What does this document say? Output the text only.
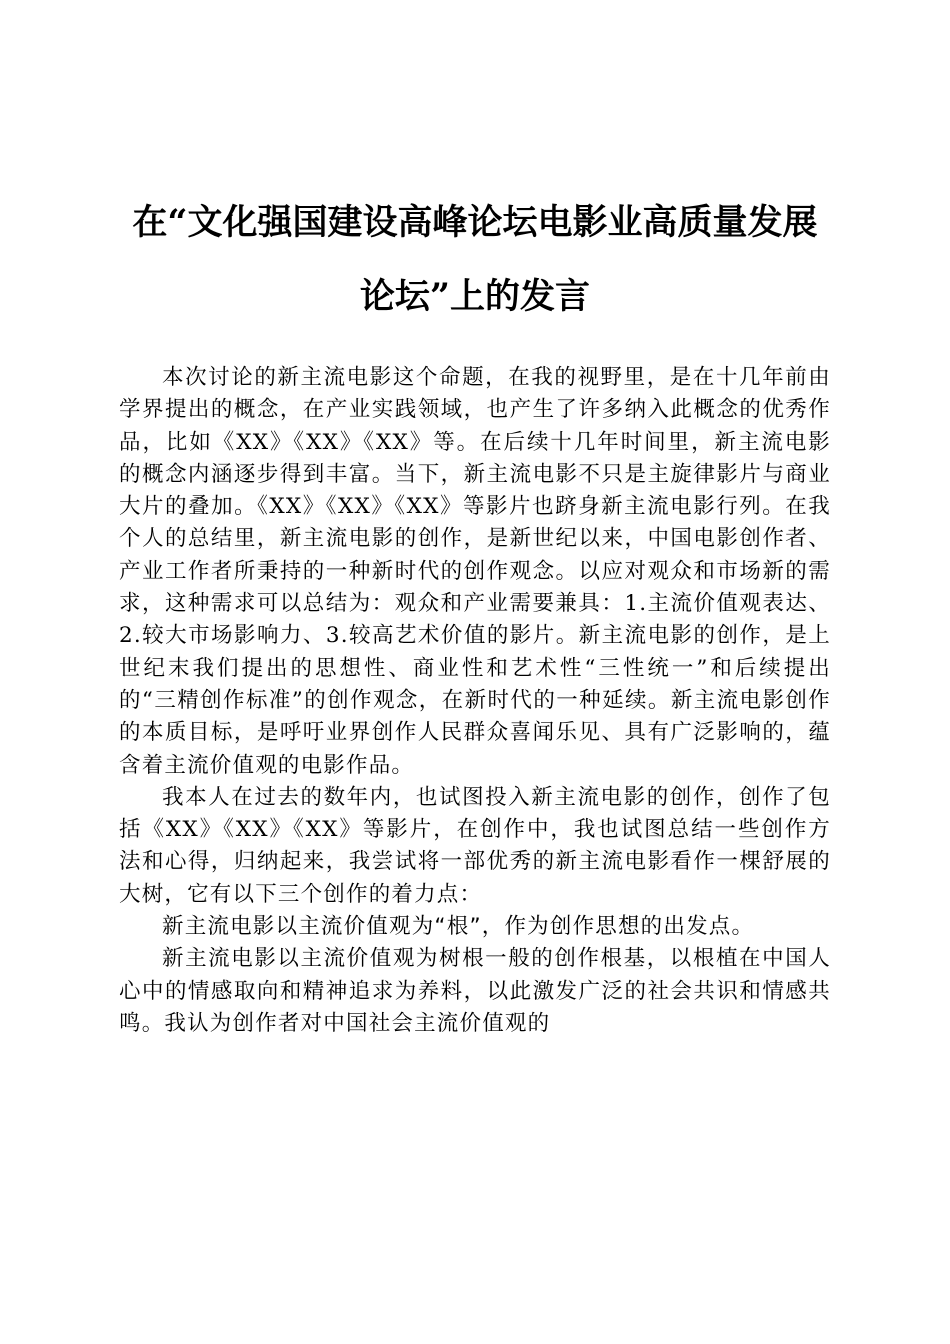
在“文化强国建设高峰论坛电影业高质量发展
论坛”上的发言

本次讨论的新主流电影这个命题，在我的视野里，是在十几年前由学界提出的概念，在产业实践领域，也产生了许多纳入此概念的优秀作品，比如《XX》《XX》《XX》等。在后续十几年时间里，新主流电影的概念内涵逐步得到丰富。当下，新主流电影不只是主旋律影片与商业大片的叠加。《XX》《XX》《XX》等影片也跻身新主流电影行列。在我个人的总结里，新主流电影的创作，是新世纪以来，中国电影创作者、产业工作者所秉持的一种新时代的创作观念。以应对观众和市场新的需求，这种需求可以总结为：观众和产业需要兼具：1.主流价值观表达、2.较大市场影响力、3.较高艺术价值的影片。新主流电影的创作，是上世纪末我们提出的思想性、商业性和艺术性“三性统一”和后续提出的“三精创作标准”的创作观念，在新时代的一种延续。新主流电影创作的本质目标，是呼吁业界创作人民群众喜闻乐见、具有广泛影响的，蕴含着主流价值观的电影作品。

我本人在过去的数年内，也试图投入新主流电影的创作，创作了包括《XX》《XX》《XX》等影片，在创作中，我也试图总结一些创作方法和心得，归纳起来，我尝试将一部优秀的新主流电影看作一棵舒展的大树，它有以下三个创作的着力点：

新主流电影以主流价值观为“根”，作为创作思想的出发点。

新主流电影以主流价值观为树根一般的创作根基，以根植在中国人心中的情感取向和精神追求为养料，以此激发广泛的社会共识和情感共鸣。我认为创作者对中国社会主流价值观的
